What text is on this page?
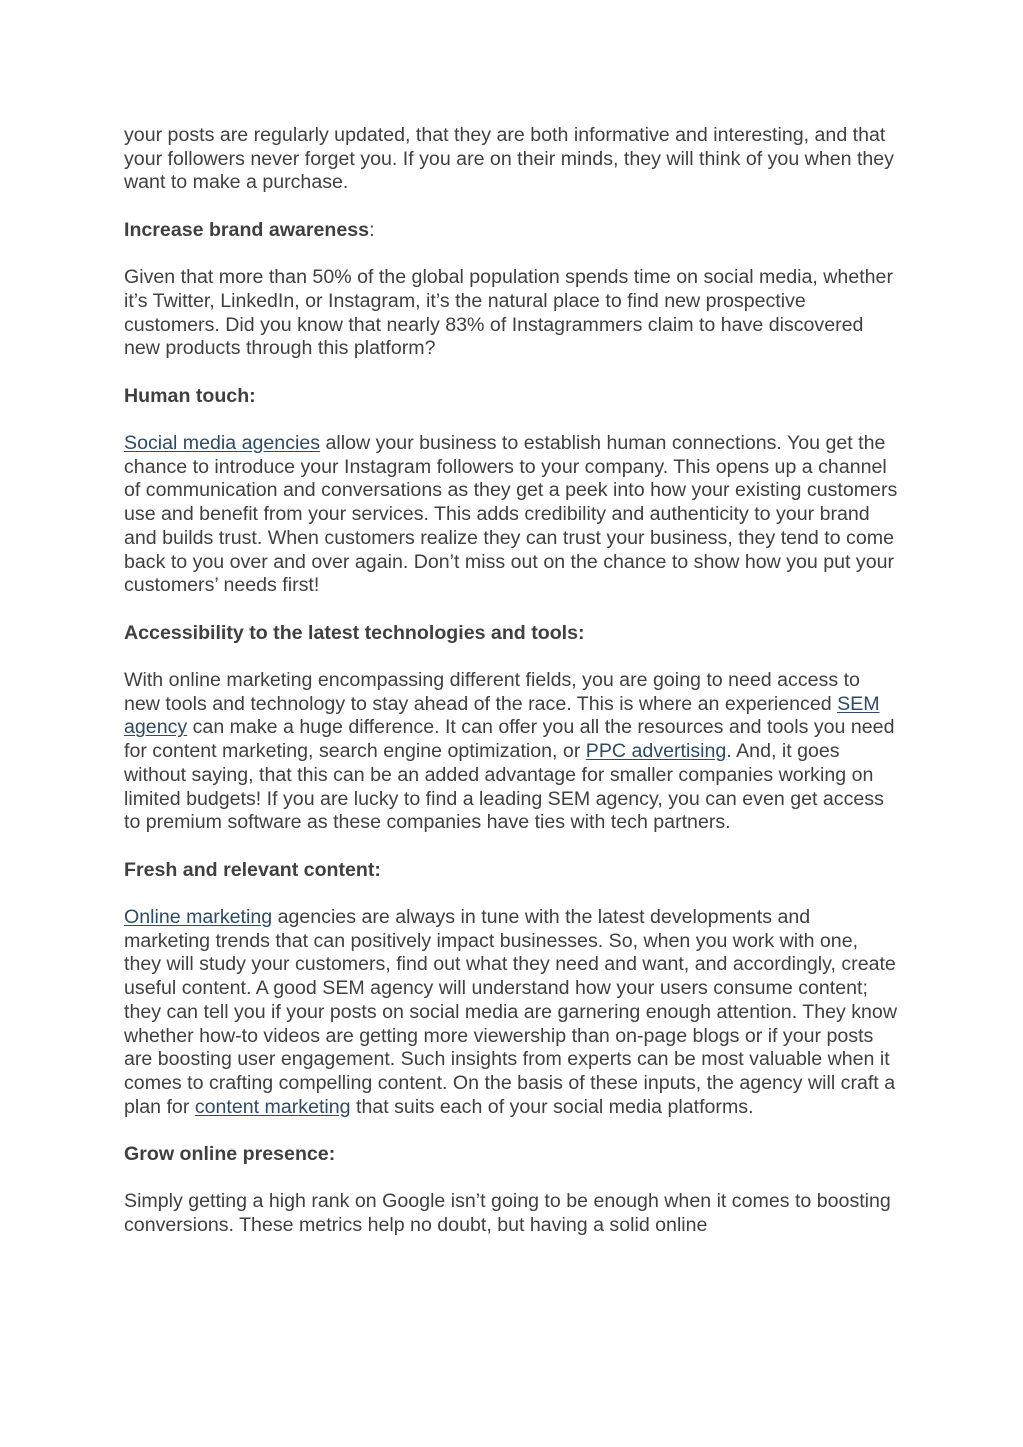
your posts are regularly updated, that they are both informative and interesting, and that your followers never forget you. If you are on their minds, they will think of you when they want to make a purchase.

Increase brand awareness:

Given that more than 50% of the global population spends time on social media, whether it’s Twitter, LinkedIn, or Instagram, it’s the natural place to find new prospective customers. Did you know that nearly 83% of Instagrammers claim to have discovered new products through this platform?

Human touch:

Social media agencies allow your business to establish human connections. You get the chance to introduce your Instagram followers to your company. This opens up a channel of communication and conversations as they get a peek into how your existing customers use and benefit from your services. This adds credibility and authenticity to your brand and builds trust. When customers realize they can trust your business, they tend to come back to you over and over again. Don’t miss out on the chance to show how you put your customers’ needs first!

Accessibility to the latest technologies and tools:

With online marketing encompassing different fields, you are going to need access to new tools and technology to stay ahead of the race. This is where an experienced SEM agency can make a huge difference. It can offer you all the resources and tools you need for content marketing, search engine optimization, or PPC advertising. And, it goes without saying, that this can be an added advantage for smaller companies working on limited budgets! If you are lucky to find a leading SEM agency, you can even get access to premium software as these companies have ties with tech partners.

Fresh and relevant content:

Online marketing agencies are always in tune with the latest developments and marketing trends that can positively impact businesses. So, when you work with one, they will study your customers, find out what they need and want, and accordingly, create useful content. A good SEM agency will understand how your users consume content; they can tell you if your posts on social media are garnering enough attention. They know whether how-to videos are getting more viewership than on-page blogs or if your posts are boosting user engagement. Such insights from experts can be most valuable when it comes to crafting compelling content. On the basis of these inputs, the agency will craft a plan for content marketing that suits each of your social media platforms.

Grow online presence:

Simply getting a high rank on Google isn’t going to be enough when it comes to boosting conversions. These metrics help no doubt, but having a solid online
